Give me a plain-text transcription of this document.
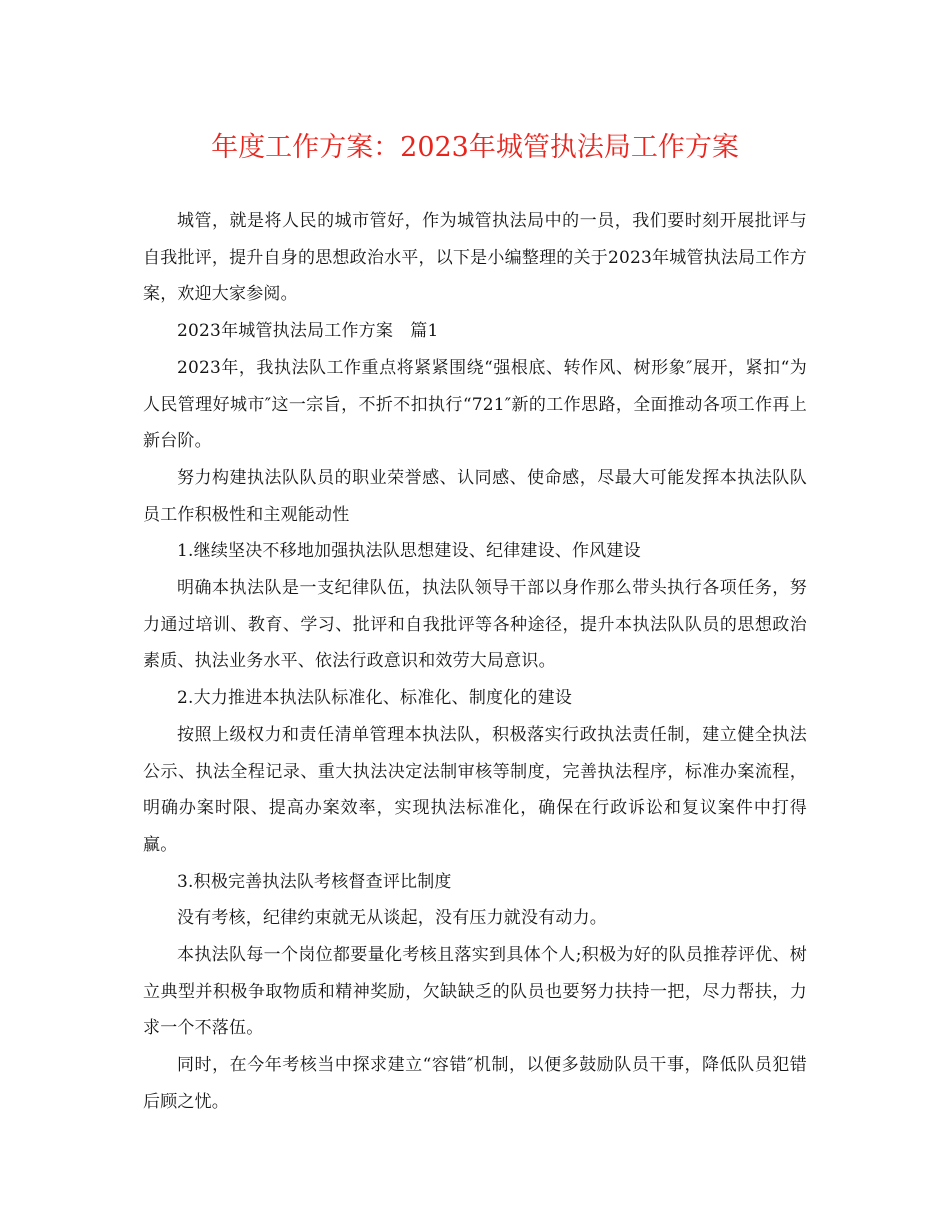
年度工作方案：2023年城管执法局工作方案

城管，就是将人民的城市管好，作为城管执法局中的一员，我们要时刻开展批评与自我批评，提升自身的思想政治水平，以下是小编整理的关于2023年城管执法局工作方案，欢迎大家参阅。

2023年城管执法局工作方案　篇1

2023年，我执法队工作重点将紧紧围绕“强根底、转作风、树形象″展开，紧扣“为人民管理好城市″这一宗旨，不折不扣执行“721″新的工作思路，全面推动各项工作再上新台阶。

努力构建执法队队员的职业荣誉感、认同感、使命感，尽最大可能发挥本执法队队员工作积极性和主观能动性

1.继续坚决不移地加强执法队思想建设、纪律建设、作风建设

明确本执法队是一支纪律队伍，执法队领导干部以身作那么带头执行各项任务，努力通过培训、教育、学习、批评和自我批评等各种途径，提升本执法队队员的思想政治素质、执法业务水平、依法行政意识和效劳大局意识。

2.大力推进本执法队标准化、标准化、制度化的建设

按照上级权力和责任清单管理本执法队，积极落实行政执法责任制，建立健全执法公示、执法全程记录、重大执法决定法制审核等制度，完善执法程序，标准办案流程，明确办案时限、提高办案效率，实现执法标准化，确保在行政诉讼和复议案件中打得赢。

3.积极完善执法队考核督查评比制度

没有考核，纪律约束就无从谈起，没有压力就没有动力。

本执法队每一个岗位都要量化考核且落实到具体个人;积极为好的队员推荐评优、树立典型并积极争取物质和精神奖励，欠缺缺乏的队员也要努力扶持一把，尽力帮扶，力求一个不落伍。

同时，在今年考核当中探求建立“容错″机制，以便多鼓励队员干事，降低队员犯错后顾之忧。
